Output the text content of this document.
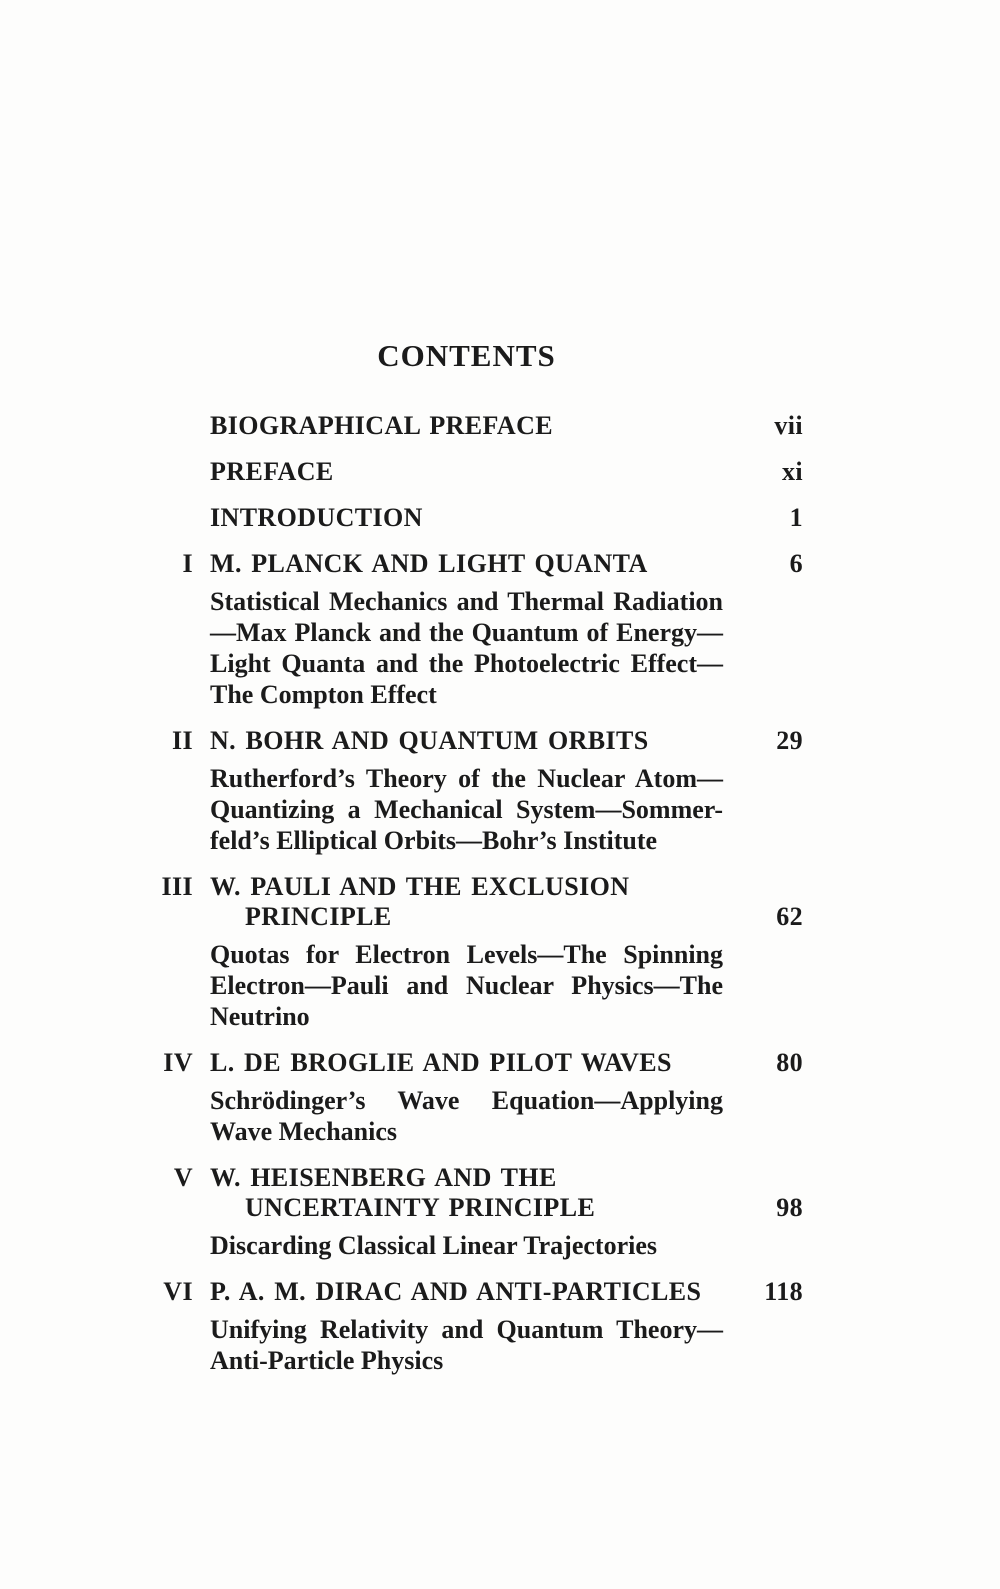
CONTENTS
BIOGRAPHICAL PREFACE	vii
PREFACE	xi
INTRODUCTION	1
I M. PLANCK AND LIGHT QUANTA	6
Statistical Mechanics and Thermal Radiation
—Max Planck and the Quantum of Energy—
Light Quanta and the Photoelectric Effect—
The Compton Effect
II N. BOHR AND QUANTUM ORBITS	29
Rutherford’s Theory of the Nuclear Atom—
Quantizing a Mechanical System—Sommer-
feld’s Elliptical Orbits—Bohr’s Institute
III W. PAULI AND THE EXCLUSION
PRINCIPLE	62
Quotas for Electron Levels—The Spinning
Electron—Pauli and Nuclear Physics—The
Neutrino
IV L. DE BROGLIE AND PILOT WAVES	80
Schrödinger’s Wave Equation—Applying
Wave Mechanics
V W. HEISENBERG AND THE
UNCERTAINTY PRINCIPLE	98
Discarding Classical Linear Trajectories
VI P. A. M. DIRAC AND ANTI-PARTICLES	118
Unifying Relativity and Quantum Theory—
Anti-Particle Physics
